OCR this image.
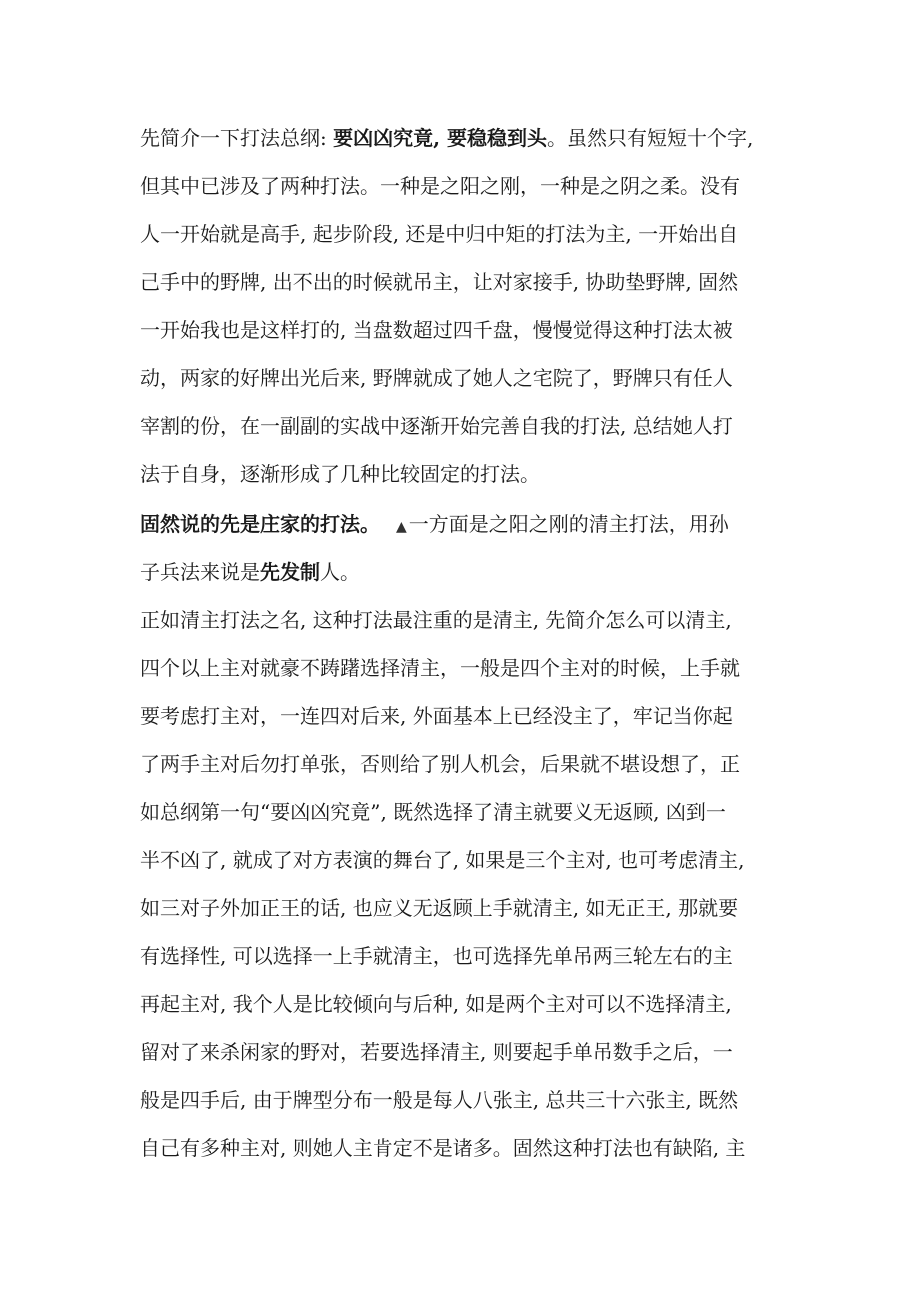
先简介一下打法总纲: 要凶凶究竟, 要稳稳到头。虽然只有短短十个字,
但其中已涉及了两种打法。一种是之阳之刚，一种是之阴之柔。没有
人一开始就是高手, 起步阶段, 还是中归中矩的打法为主, 一开始出自
己手中的野牌, 出不出的时候就吊主，让对家接手, 协助垫野牌, 固然
一开始我也是这样打的, 当盘数超过四千盘，慢慢觉得这种打法太被
动，两家的好牌出光后来, 野牌就成了她人之宅院了，野牌只有任人
宰割的份，在一副副的实战中逐渐开始完善自我的打法, 总结她人打
法于自身，逐渐形成了几种比较固定的打法。
固然说的先是庄家的打法。 ▲ 一方面是之阳之刚的清主打法，用孙
子兵法来说是先发制人。
正如清主打法之名, 这种打法最注重的是清主, 先简介怎么可以清主,
四个以上主对就豪不踌躇选择清主，一般是四个主对的时候，上手就
要考虑打主对，一连四对后来, 外面基本上已经没主了，牢记当你起
了两手主对后勿打单张，否则给了别人机会，后果就不堪设想了，正
如总纲第一句“要凶凶究竟”, 既然选择了清主就要义无返顾, 凶到一
半不凶了, 就成了对方表演的舞台了, 如果是三个主对, 也可考虑清主,
如三对子外加正王的话, 也应义无返顾上手就清主, 如无正王, 那就要
有选择性, 可以选择一上手就清主，也可选择先单吊两三轮左右的主
再起主对, 我个人是比较倾向与后种, 如是两个主对可以不选择清主,
留对了来杀闲家的野对，若要选择清主, 则要起手单吊数手之后，一
般是四手后, 由于牌型分布一般是每人八张主, 总共三十六张主, 既然
自己有多种主对, 则她人主肯定不是诸多。固然这种打法也有缺陷, 主
